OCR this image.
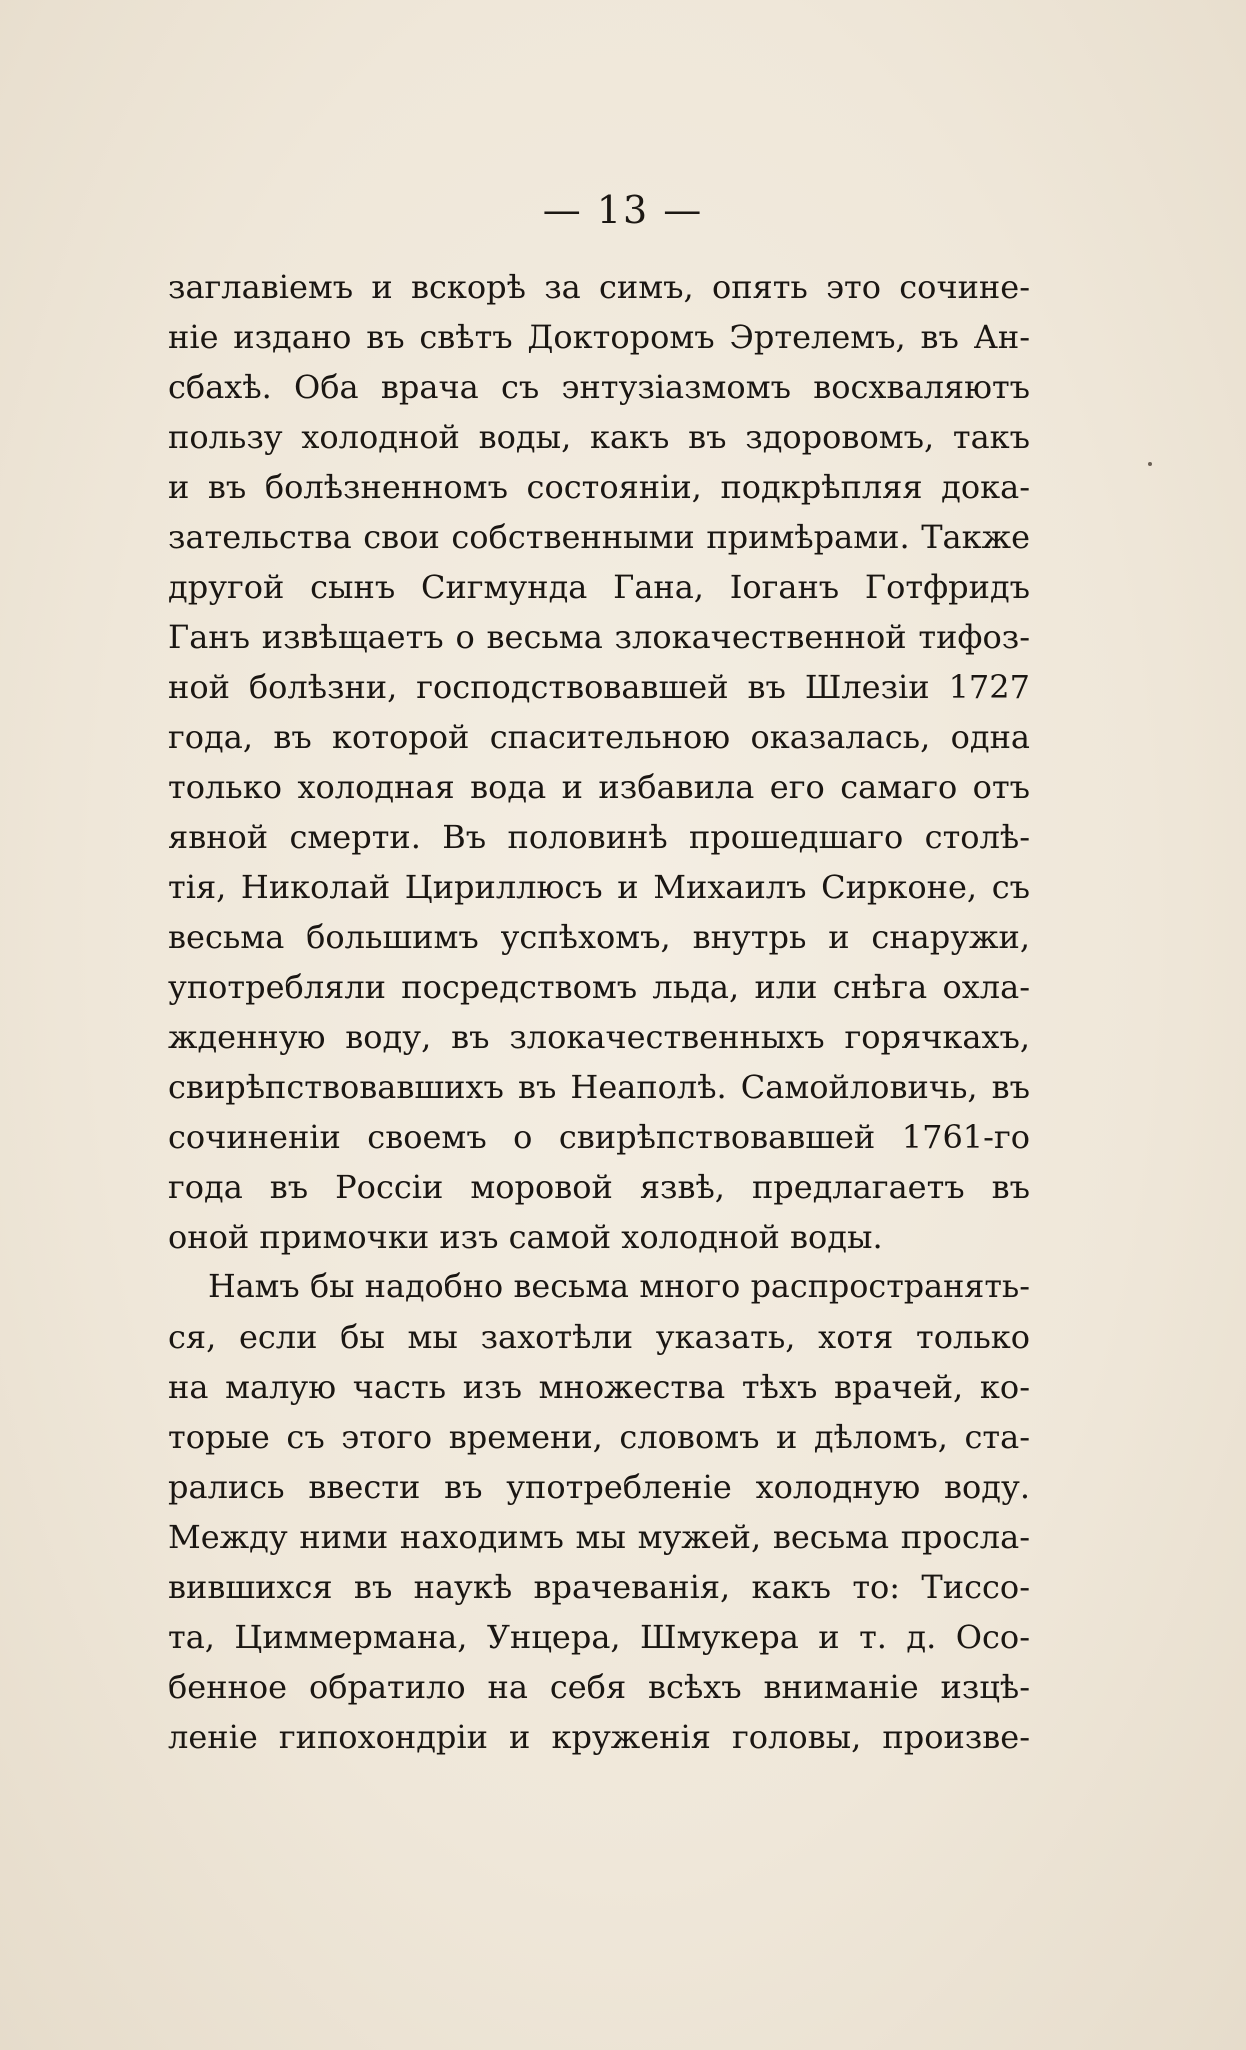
— 13 —
заглавіемъ и вскорѣ за симъ, опять это сочине-
ніе издано въ свѣтъ Докторомъ Эртелемъ, въ Ан-
сбахѣ. Оба врача съ энтузіазмомъ восхваляютъ
пользу холодной воды, какъ въ здоровомъ, такъ
и въ болѣзненномъ состояніи, подкрѣпляя дока-
зательства свои собственными примѣрами. Также
другой сынъ Сигмунда Гана, Іоганъ Готфридъ
Ганъ извѣщаетъ о весьма злокачественной тифоз-
ной болѣзни, господствовавшей въ Шлезіи 1727
года, въ которой спасительною оказалась, одна
только холодная вода и избавила его самаго отъ
явной смерти. Въ половинѣ прошедшаго столѣ-
тія, Николай Цириллюсъ и Михаилъ Сирконе, съ
весьма большимъ успѣхомъ, внутрь и снаружи,
употребляли посредствомъ льда, или снѣга охла-
жденную воду, въ злокачественныхъ горячкахъ,
свирѣпствовавшихъ въ Неаполѣ. Самойловичь, въ
сочиненіи своемъ о свирѣпствовавшей 1761-го
года въ Россіи моровой язвѣ, предлагаетъ въ
оной примочки изъ самой холодной воды.
Намъ бы надобно весьма много распространять-
ся, если бы мы захотѣли указать, хотя только
на малую часть изъ множества тѣхъ врачей, ко-
торые съ этого времени, словомъ и дѣломъ, ста-
рались ввести въ употребленіе холодную воду.
Между ними находимъ мы мужей, весьма просла-
вившихся въ наукѣ врачеванія, какъ то: Тиссо-
та, Циммермана, Унцера, Шмукера и т. д. Осо-
бенное обратило на себя всѣхъ вниманіе изцѣ-
леніе гипохондріи и круженія головы, произве-
